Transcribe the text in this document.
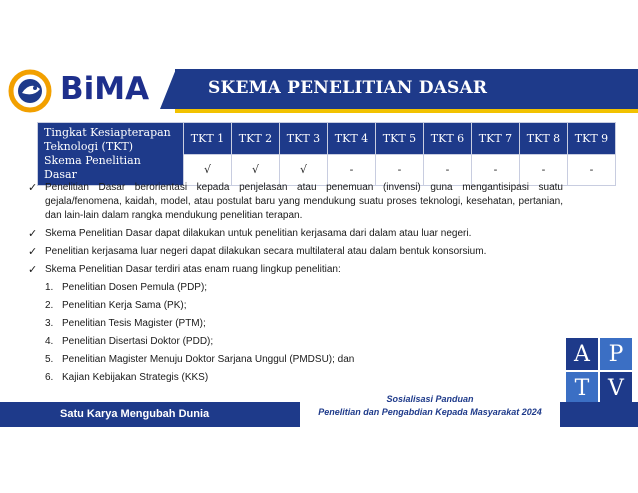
BiMA	SKEMA PENELITIAN DASAR
Tingkat Kesiapterapan
Teknologi (TKT)
Skema Penelitian Dasar	TKT 1	TKT 2	TKT 3	TKT 4	TKT 5	TKT 6	TKT 7	TKT 8	TKT 9
	√	√	√	-	-	-	-	-	-
✓ Penelitian Dasar berorientasi kepada penjelasan atau penemuan (invensi) guna mengantisipasi suatu gejala/fenomena, kaidah, model, atau postulat baru yang mendukung suatu proses teknologi, kesehatan, pertanian, dan lain-lain dalam rangka mendukung penelitian terapan.
✓ Skema Penelitian Dasar dapat dilakukan untuk penelitian kerjasama dari dalam atau luar negeri.
✓ Penelitian kerjasama luar negeri dapat dilakukan secara multilateral atau dalam bentuk konsorsium.
✓ Skema Penelitian Dasar terdiri atas enam ruang lingkup penelitian:
1. Penelitian Dosen Pemula (PDP);
2. Penelitian Kerja Sama (PK);
3. Penelitian Tesis Magister (PTM);
4. Penelitian Disertasi Doktor (PDD);
5. Penelitian Magister Menuju Doktor Sarjana Unggul (PMDSU); dan
6. Kajian Kebijakan Strategis (KKS)
A P
T V
Satu Karya Mengubah Dunia
Sosialisasi Panduan
Penelitian dan Pengabdian Kepada Masyarakat 2024
